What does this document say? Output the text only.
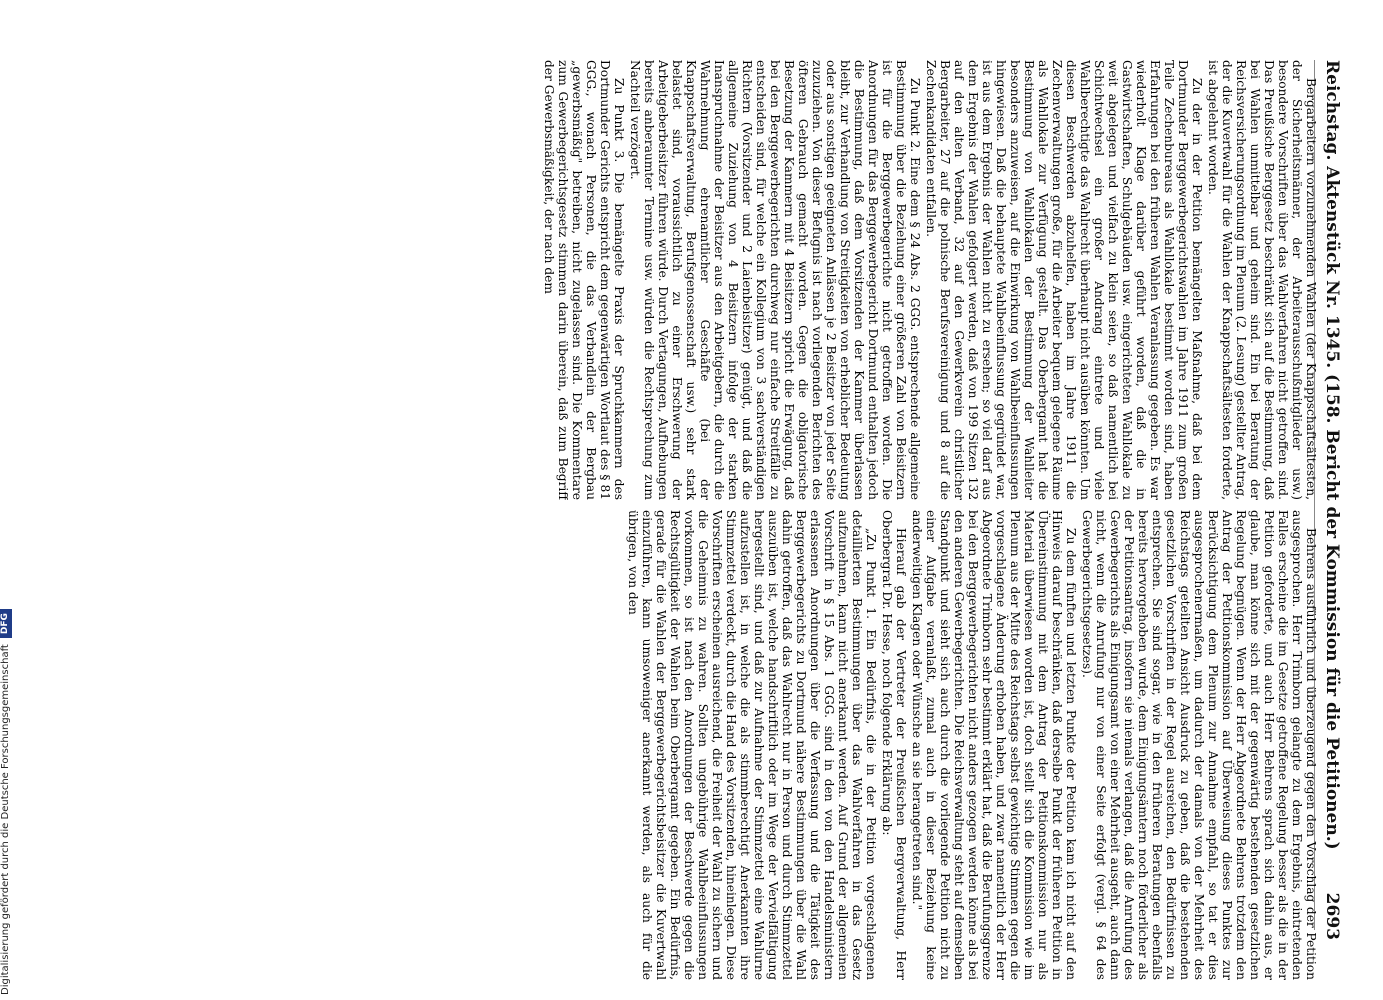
Reichstag. Aktenstück Nr. 1345. (158. Bericht der Kommission für die Petitionen.)
2693

Behrens ausführlich und überzeugend gegen den Vorschlag der Petition ausgesprochen. Herr Trimborn gelangte zu dem Ergebnis, eintretenden Falles erscheine die im Gesetze getroffene Regelung besser als die in der Petition geforderte, und auch Herr Behrens sprach sich dahin aus, er glaube, man könne sich mit der gegenwärtig bestehenden gesetzlichen Regelung begnügen. Wenn der Herr Abgeordnete Behrens trotzdem den Antrag der Petitionskommission auf Überweisung dieses Punktes zur Berücksichtigung dem Plenum zur Annahme empfahl, so tat er dies ausgesprochenermaßen, um dadurch der damals von der Mehrheit des Reichstags geteilten Ansicht Ausdruck zu geben, daß die bestehenden gesetzlichen Vorschriften in der Regel ausreichen, den Bedürfnissen zu entsprechen. Sie sind sogar, wie in den früheren Beratungen ebenfalls bereits hervorgehoben wurde, dem Einigungsämtern noch förderlicher als der Petitionsantrag, insofern sie niemals verlangen, daß die Anrufung des Gewerbegerichts als Einigungsamt von einer Mehrheit ausgeht, auch dann nicht, wenn die Anrufung nur von einer Seite erfolgt (vergl. § 64 des Gewerbegerichtsgesetzes).

Zu dem fünften und letzten Punkte der Petition kam ich nicht auf den Hinweis darauf beschränken, daß derselbe Punkt der früheren Petition in Übereinstimmung mit dem Antrag der Petitionskommission nur als Material überwiesen worden ist, doch stellt sich die Kommission wie im Plenum aus der Mitte des Reichstags selbst gewichtige Stimmen gegen die vorgeschlagene Änderung erhoben haben, und zwar namentlich der Herr Abgeordnete Trimborn sehr bestimmt erklärt hat, daß die Berufungsgrenze bei den Berggewerbegerichten nicht anders gezogen werden könne als bei den anderen Gewerbegerichten. Die Reichsverwaltung steht auf demselben Standpunkt und sieht sich auch durch die vorliegende Petition nicht zu einer Aufgabe veranlaßt, zumal auch in dieser Beziehung keine anderweitigen Klagen oder Wünsche an sie herangetreten sind."

Hierauf gab der Vertreter der Preußischen Bergverwaltung, Herr Oberbergrat Dr. Hesse, noch folgende Erklärung ab:

„Zu Punkt 1. Ein Bedürfnis, die in der Petition vorgeschlagenen detaillierten Bestimmungen über das Wahlverfahren in das Gesetz aufzunehmen, kann nicht anerkannt werden. Auf Grund der allgemeinen Vorschrift in § 15 Abs. 1 GGG. sind in den von den Handelsministern erlassenen Anordnungen über die Verfassung und die Tätigkeit des Berggewerbegerichts zu Dortmund nähere Bestimmungen über die Wahl dahin getroffen, daß das Wahlrecht nur in Person und durch Stimmzettel auszuüben ist, welche handschriftlich oder im Wege der Vervielfältigung hergestellt sind, und daß zur Aufnahme der Stimmzettel eine Wahlurne aufzustellen ist, in welche die als stimmberechtigt Anerkannten ihre Stimmzettel verdeckt, durch die Hand des Vorsitzenden, hineinlegen. Diese Vorschriften erscheinen ausreichend, die Freiheit der Wahl zu sichern und die Geheimnis zu wahren. Sollten ungebührige Wahlbeeinflussungen vorkommen, so ist nach den Anordnungen der Beschwerde gegen die Rechtsgültigkeit der Wahlen beim Oberbergamt gegeben. Ein Bedürfnis, gerade für die Wahlen der Berggewerbegerichtsbeisitzer die Kuvertwahl einzuführen, kann umsoweniger anerkannt werden, als auch für die übrigen, von den

Bergarbeitern vorzunehmenden Wahlen (der Knappschaftsältesten, der Sicherheitsmänner, der Arbeiterausschußmitglieder usw.) besondere Vorschriften über das Wahlverfahren nicht getroffen sind. Das Preußische Berggesetz beschränkt sich auf die Bestimmung, daß bei Wahlen unmittelbar und geheim sind. Ein bei Beratung der Reichsversicherungsordnung im Plenum (2. Lesung) gestellter Antrag, der die Kuvertwahl für die Wahlen der Knappschaftsältesten forderte, ist abgelehnt worden.

Zu der in der Petition bemängelten Maßnahme, daß bei dem Dortmunder Berggewerbegerichtswahlen im Jahre 1911 zum großen Teile Zechenbureaus als Wahllokale bestimmt worden sind, haben Erfahrungen bei den früheren Wahlen Veranlassung gegeben. Es war wiederholt Klage darüber geführt worden, daß die in Gastwirtschaften, Schulgebäuden usw. eingerichteten Wahllokale zu weit abgelegen und vielfach zu klein seien, so daß namentlich bei Schichtwechsel ein großer Andrang eintrete und viele Wahlberechtigte das Wahlrecht überhaupt nicht ausüben könnten. Um diesen Beschwerden abzuhelfen, haben im Jahre 1911 die Zechenverwaltungen große, für die Arbeiter bequem gelegene Räume als Wahllokale zur Verfügung gestellt. Das Oberbergamt hat die Bestimmung von Wahllokalen der Bestimmung der Wahlleiter besonders anzuweisen, auf die Einwirkung von Wahlbeeinflussungen hingewiesen. Daß die behauptete Wahlbeeinflussung gegründet war, ist aus dem Ergebnis der Wahlen nicht zu ersehen; so viel darf aus dem Ergebnis der Wahlen gefolgert werden, daß von 199 Sitzen 132 auf den alten Verband, 32 auf den Gewerkverein christlicher Bergarbeiter, 27 auf die polnische Berufsvereinigung und 8 auf die Zechenkandidaten entfallen.

Zu Punkt 2. Eine dem § 24 Abs. 2 GGG. entsprechende allgemeine Bestimmung über die Beziehung einer größeren Zahl von Beisitzern ist für die Berggewerbegerichte nicht getroffen worden. Die Anordnungen für das Berggewerbegericht Dortmund enthalten jedoch die Bestimmung, daß dem Vorsitzenden der Kammer überlassen bleibt, zur Verhandlung von Streitigkeiten von erheblicher Bedeutung oder aus sonstigen geeigneten Anlässen je 2 Beisitzer von jeder Seite zuzuziehen. Von dieser Befugnis ist nach vorliegenden Berichten des öfteren Gebrauch gemacht worden. Gegen die obligatorische Besetzung der Kammern mit 4 Beisitzern spricht die Erwägung, daß bei den Berggewerbegerichten durchweg nur einfache Streitfälle zu entscheiden sind, für welche ein Kollegium von 3 sachverständigen Richtern (Vorsitzender und 2 Laienbeisitzer) genügt, und daß die allgemeine Zuziehung von 4 Beisitzern infolge der starken Inanspruchnahme der Beisitzer aus den Arbeitgebern, die durch die Wahrnehmung ehrenamtlicher Geschäfte (bei der Knappschaftsverwaltung, Berufsgenossenschaft usw.) sehr stark belastet sind, voraussichtlich zu einer Erschwerung der Arbeitgeberbeisitzer führen würde. Durch Vertagungen, Aufhebungen bereits anberaumter Termine usw. würden die Rechtsprechung zum Nachteil verzögert.

Zu Punkt 3. Die bemängelte Praxis der Spruchkammern des Dortmunder Gerichts entspricht dem gegenwärtigen Wortlaut des § 81 GGG., wonach Personen, die das Verbandlein der Bergbau „gewerbsmäßig" betreiben, nicht zugelassen sind. Die Kommentare zum Gewerbegerichtsgesetz stimmen darin überein, daß zum Begriff der Gewerbsmäßigkeit, der nach dem

Digitalisierung gefördert durch die Deutsche Forschungsgemeinschaft
DFG
